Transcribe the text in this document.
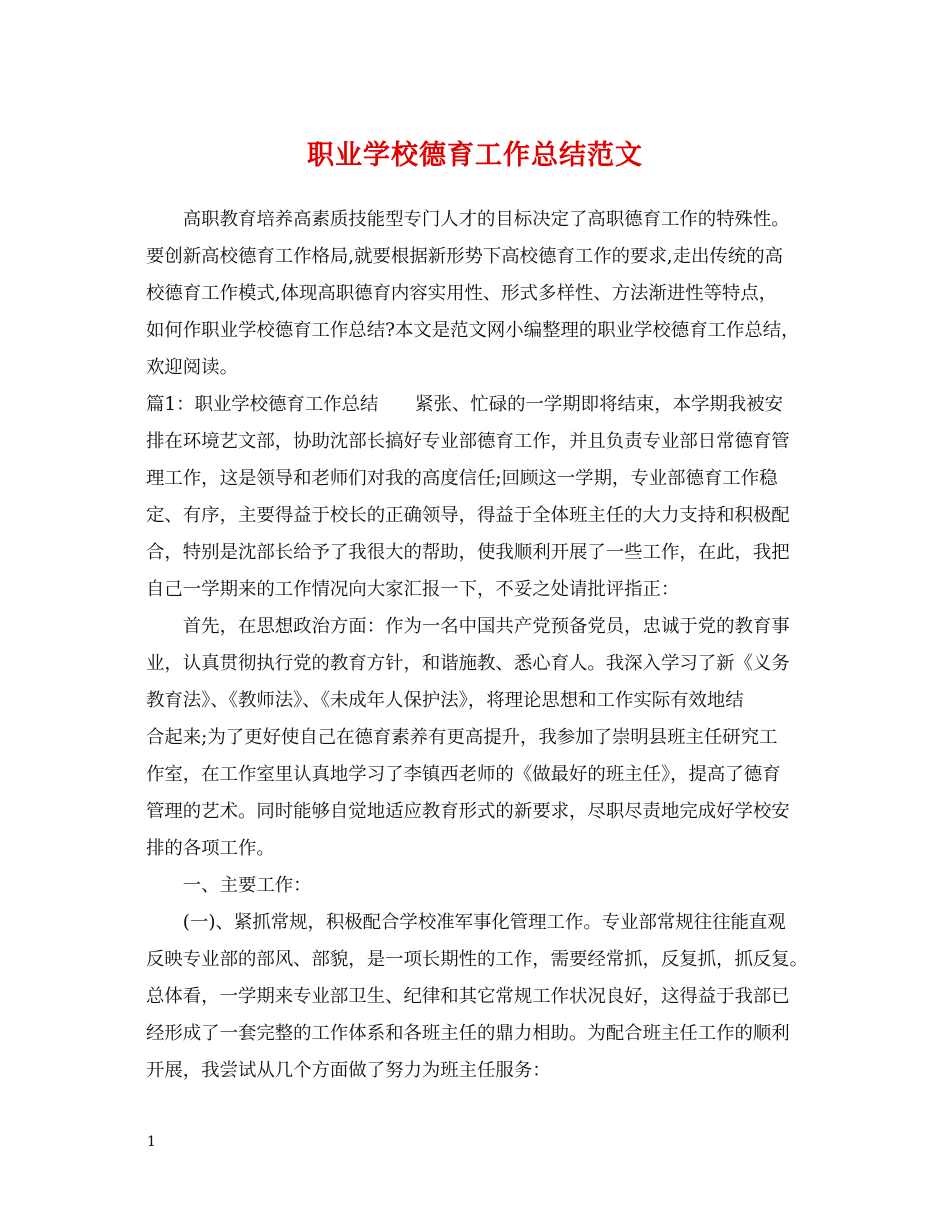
职业学校德育工作总结范文

　　高职教育培养高素质技能型专门人才的目标决定了高职德育工作的特殊性。

要创新高校德育工作格局,就要根据新形势下高校德育工作的要求,走出传统的高

校德育工作模式,体现高职德育内容实用性、形式多样性、方法渐进性等特点，

如何作职业学校德育工作总结?本文是范文网小编整理的职业学校德育工作总结，

欢迎阅读。

篇1：职业学校德育工作总结　　紧张、忙碌的一学期即将结束，本学期我被安

排在环境艺文部，协助沈部长搞好专业部德育工作，并且负责专业部日常德育管

理工作，这是领导和老师们对我的高度信任;回顾这一学期，专业部德育工作稳

定、有序，主要得益于校长的正确领导，得益于全体班主任的大力支持和积极配

合，特别是沈部长给予了我很大的帮助，使我顺利开展了一些工作，在此，我把

自己一学期来的工作情况向大家汇报一下，不妥之处请批评指正：

　　首先，在思想政治方面：作为一名中国共产党预备党员，忠诚于党的教育事

业，认真贯彻执行党的教育方针，和谐施教、悉心育人。我深入学习了新《义务

教育法》、《教师法》、《未成年人保护法》，将理论思想和工作实际有效地结

合起来;为了更好使自己在德育素养有更高提升，我参加了崇明县班主任研究工

作室，在工作室里认真地学习了李镇西老师的《做最好的班主任》，提高了德育

管理的艺术。同时能够自觉地适应教育形式的新要求，尽职尽责地完成好学校安

排的各项工作。

　　一、主要工作：

　　(一)、紧抓常规，积极配合学校准军事化管理工作。专业部常规往往能直观

反映专业部的部风、部貌，是一项长期性的工作，需要经常抓，反复抓，抓反复。

总体看，一学期来专业部卫生、纪律和其它常规工作状况良好，这得益于我部已

经形成了一套完整的工作体系和各班主任的鼎力相助。为配合班主任工作的顺利

开展，我尝试从几个方面做了努力为班主任服务：

1
